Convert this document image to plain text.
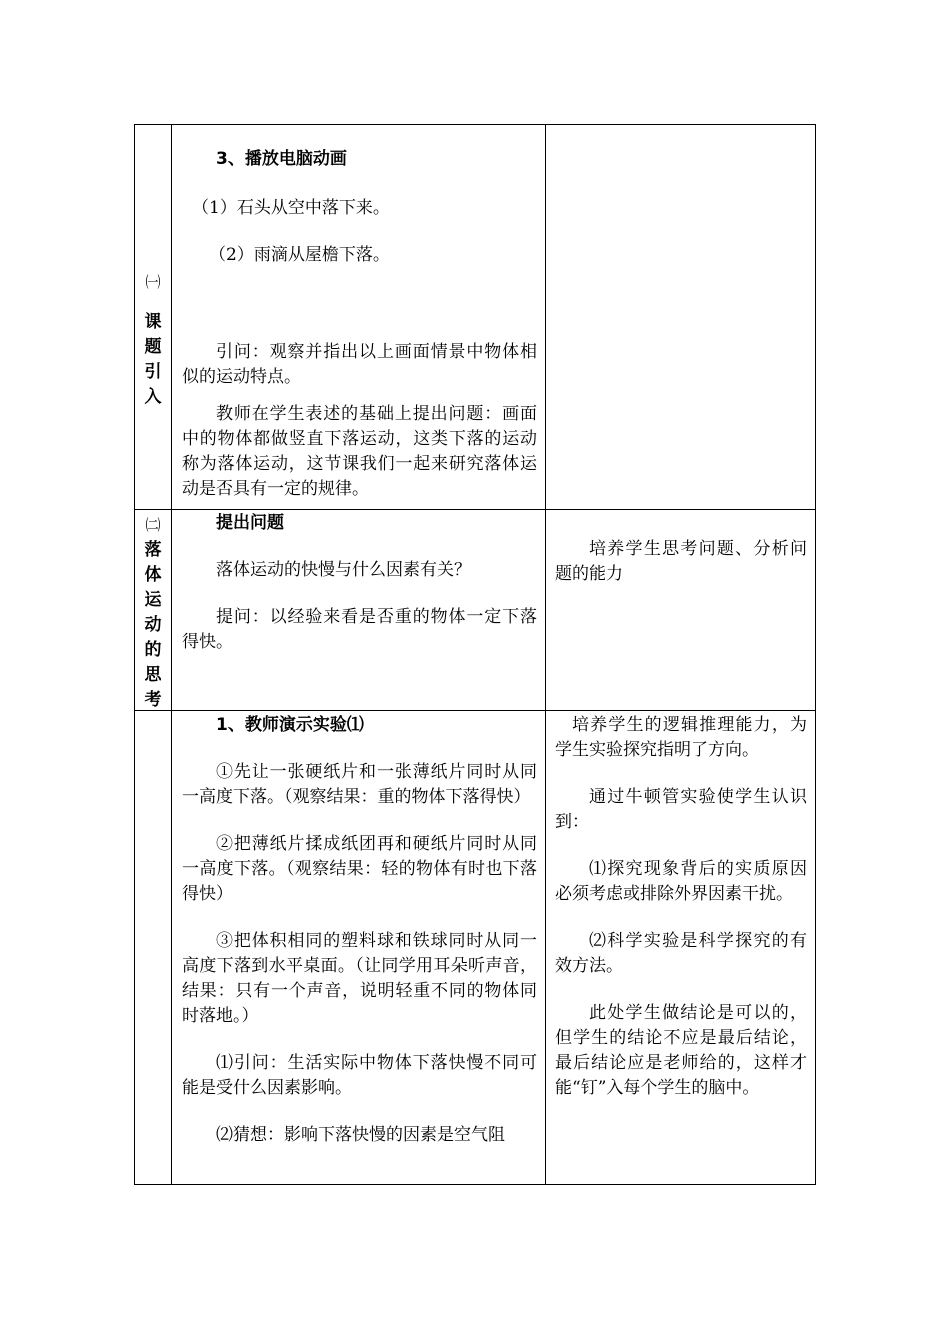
㈠
课
题
引
入

3、播放电脑动画

（1）石头从空中落下来。

（2）雨滴从屋檐下落。

引问：观察并指出以上画面情景中物体相似的运动特点。

教师在学生表述的基础上提出问题：画面中的物体都做竖直下落运动，这类下落的运动称为落体运动，这节课我们一起来研究落体运动是否具有一定的规律。

㈡
落
体
运
动
的
思
考

提出问题

落体运动的快慢与什么因素有关？

提问：以经验来看是否重的物体一定下落得快。

培养学生思考问题、分析问题的能力

1、教师演示实验⑴

①先让一张硬纸片和一张薄纸片同时从同一高度下落。（观察结果：重的物体下落得快）

②把薄纸片揉成纸团再和硬纸片同时从同一高度下落。（观察结果：轻的物体有时也下落得快）

③把体积相同的塑料球和铁球同时从同一高度下落到水平桌面。（让同学用耳朵听声音，结果：只有一个声音，说明轻重不同的物体同时落地。）

⑴引问：生活实际中物体下落快慢不同可能是受什么因素影响。

⑵猜想：影响下落快慢的因素是空气阻

培养学生的逻辑推理能力，为学生实验探究指明了方向。

通过牛顿管实验使学生认识到：

⑴探究现象背后的实质原因必须考虑或排除外界因素干扰。

⑵科学实验是科学探究的有效方法。

此处学生做结论是可以的，但学生的结论不应是最后结论，最后结论应是老师给的，这样才能“钉”入每个学生的脑中。
